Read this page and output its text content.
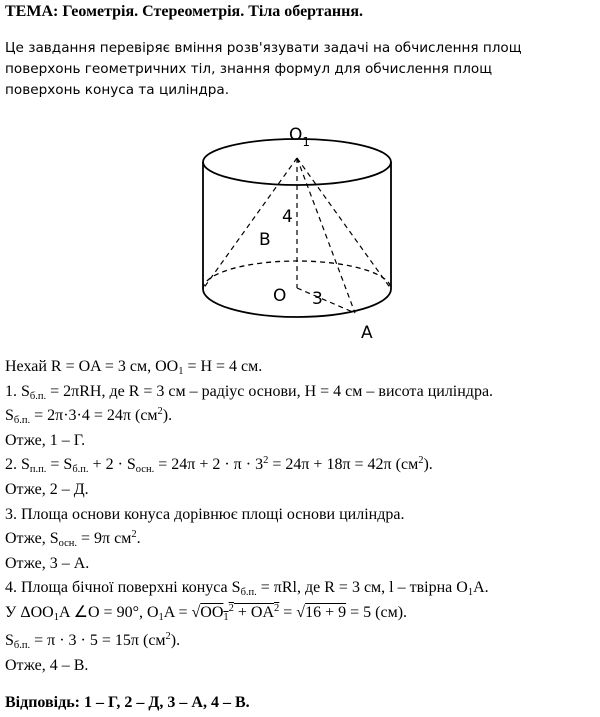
ТЕМА: Геометрія. Стереометрія. Тіла обертання.
Це завдання перевіряє вміння розв'язувати задачі на обчислення площ
поверхонь геометричних тіл, знання формул для обчислення площ
поверхонь конуса та циліндра.
$O_1$
4
B
O 3
A
Нехай R = OA = 3 см, $OO_1 = H = 4$ см.
1. $S_{б.п.} = 2\pi RH$, де R = 3 см – радіус основи, H = 4 см – висота циліндра.
$S_{б.п.} = 2\pi\cdot 3\cdot 4 = 24\pi$ $(см^2)$.
Отже, 1 – Г.
2. $S_{п.п.} = S_{б.п.} + 2 \cdot S_{осн.} = 24\pi + 2 \cdot \pi \cdot 3^2 = 24\pi + 18\pi = 42\pi$ $(см^2)$.
Отже, 2 – Д.
3. Площа основи конуса дорівнює площі основи циліндра.
Отже, $S_{осн.} = 9\pi$ $см^2$.
Отже, 3 – А.
4. Площа бічної поверхні конуса $S_{б.п.} = \pi Rl$, де R = 3 см, l – твірна $O_1A$.
У $\Delta OO_1A$ ∠O = 90°, $O_1A = √OO_1^2 + OA^2 = √16 + 9 = 5$ (см).
$S_{б.п.} = \pi \cdot 3 \cdot 5 = 15\pi$ $(см^2)$.
Отже, 4 – В.
Відповідь: 1 – Г, 2 – Д, 3 – А, 4 – В.
